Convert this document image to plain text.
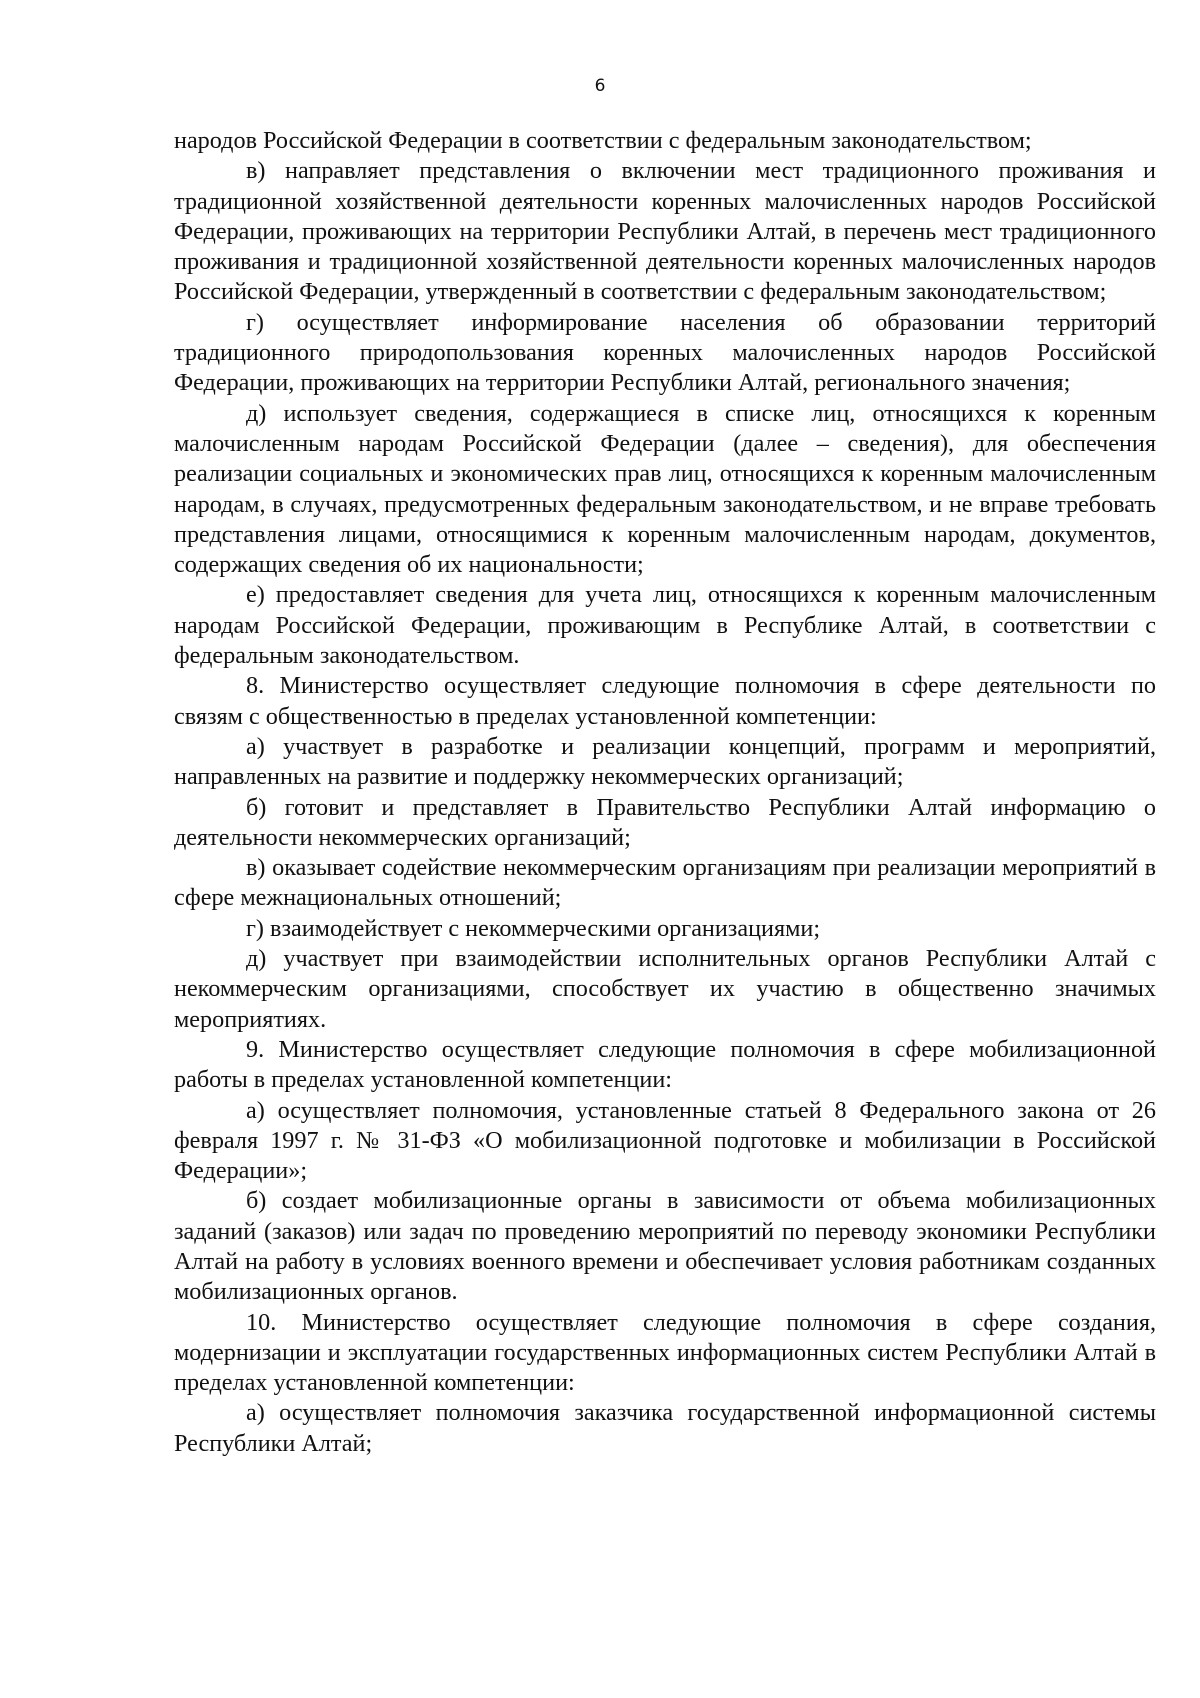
6

народов Российской Федерации в соответствии с федеральным законодательством;

в) направляет представления о включении мест традиционного проживания и традиционной хозяйственной деятельности коренных малочисленных народов Российской Федерации, проживающих на территории Республики Алтай, в перечень мест традиционного проживания и традиционной хозяйственной деятельности коренных малочисленных народов Российской Федерации, утвержденный в соответствии с федеральным законодательством;

г) осуществляет информирование населения об образовании территорий традиционного природопользования коренных малочисленных народов Российской Федерации, проживающих на территории Республики Алтай, регионального значения;

д) использует сведения, содержащиеся в списке лиц, относящихся к коренным малочисленным народам Российской Федерации (далее – сведения), для обеспечения реализации социальных и экономических прав лиц, относящихся к коренным малочисленным народам, в случаях, предусмотренных федеральным законодательством, и не вправе требовать представления лицами, относящимися к коренным малочисленным народам, документов, содержащих сведения об их национальности;

е) предоставляет сведения для учета лиц, относящихся к коренным малочисленным народам Российской Федерации, проживающим в Республике Алтай, в соответствии с федеральным законодательством.

8. Министерство осуществляет следующие полномочия в сфере деятельности по связям с общественностью в пределах установленной компетенции:

а) участвует в разработке и реализации концепций, программ и мероприятий, направленных на развитие и поддержку некоммерческих организаций;

б) готовит и представляет в Правительство Республики Алтай информацию о деятельности некоммерческих организаций;

в) оказывает содействие некоммерческим организациям при реализации мероприятий в сфере межнациональных отношений;

г) взаимодействует с некоммерческими организациями;

д) участвует при взаимодействии исполнительных органов Республики Алтай с некоммерческим организациями, способствует их участию в общественно значимых мероприятиях.

9. Министерство осуществляет следующие полномочия в сфере мобилизационной работы в пределах установленной компетенции:

а) осуществляет полномочия, установленные статьей 8 Федерального закона от 26 февраля 1997 г. № 31-ФЗ «О мобилизационной подготовке и мобилизации в Российской Федерации»;

б) создает мобилизационные органы в зависимости от объема мобилизационных заданий (заказов) или задач по проведению мероприятий по переводу экономики Республики Алтай на работу в условиях военного времени и обеспечивает условия работникам созданных мобилизационных органов.

10. Министерство осуществляет следующие полномочия в сфере создания, модернизации и эксплуатации государственных информационных систем Республики Алтай в пределах установленной компетенции:

а) осуществляет полномочия заказчика государственной информационной системы Республики Алтай;
